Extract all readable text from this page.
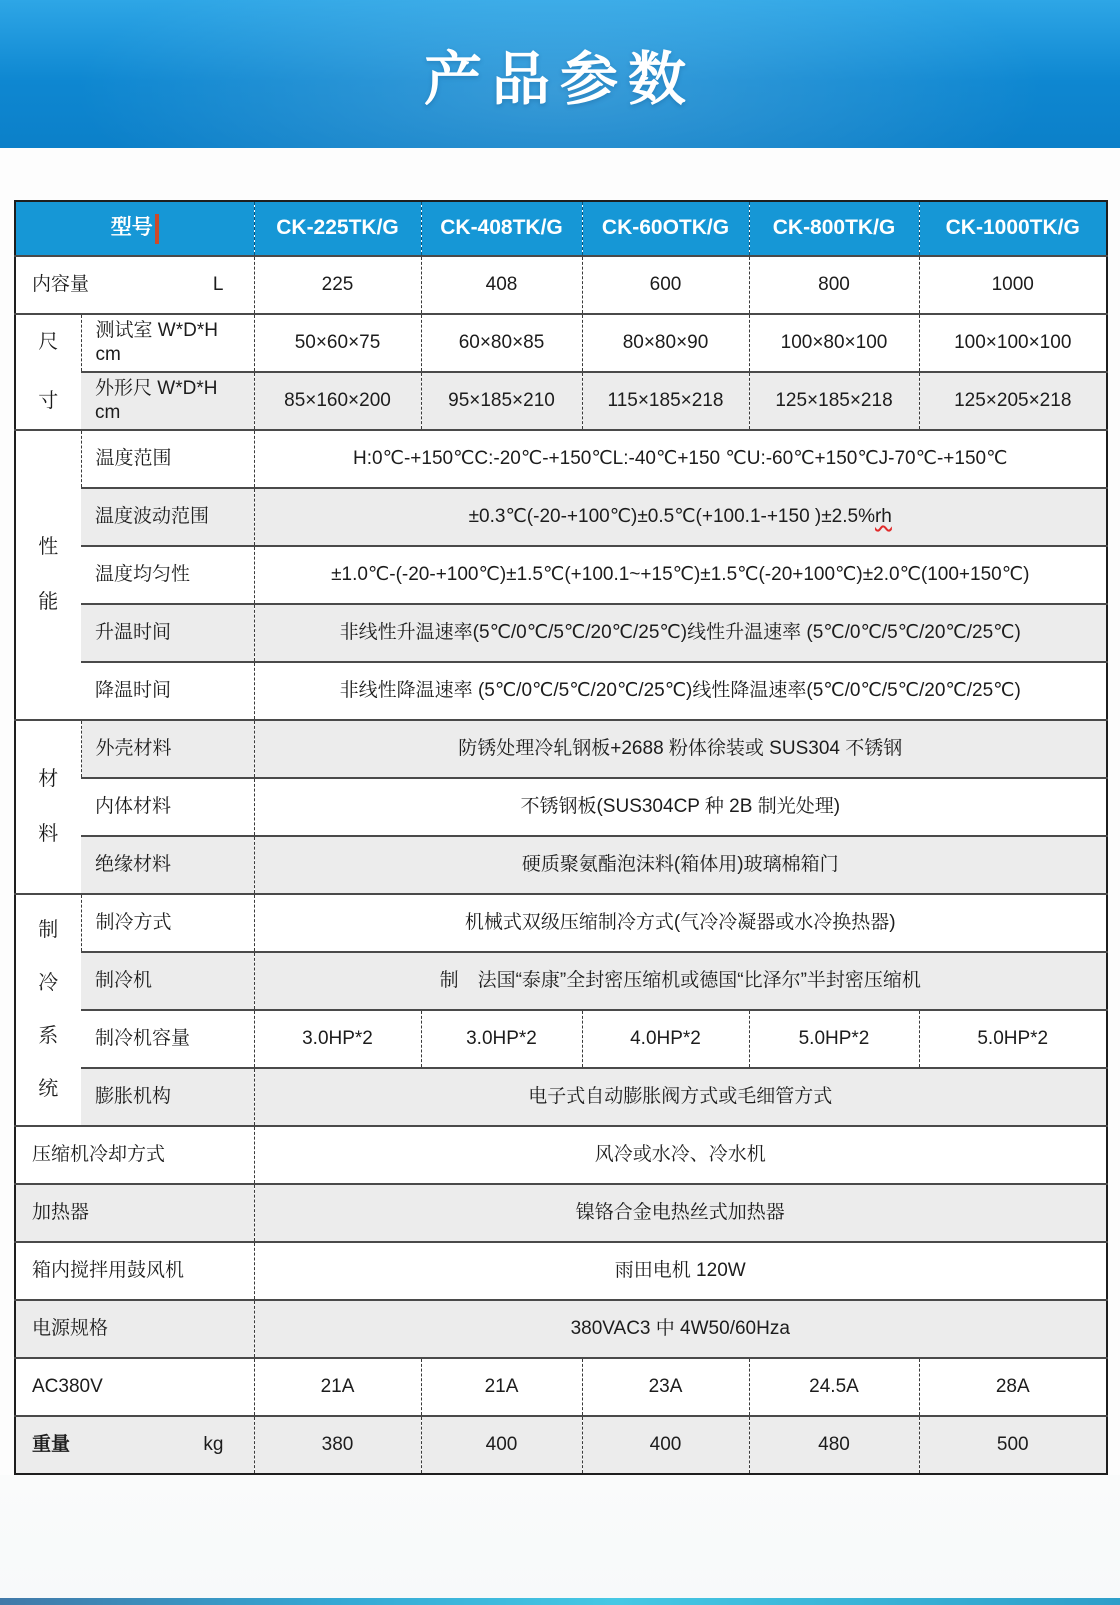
产品参数
型号		CK-225TK/G	CK-408TK/G	CK-60OTK/G	CK-800TK/G	CK-1000TK/G

内容量 L		225	408	600	800	1000

尺
寸	测试室 W*D*H cm	50×60×75	60×80×85	80×80×90	100×80×100	100×100×100
	外形尺 W*D*H cm	85×160×200	95×185×210	115×185×218	125×185×218	125×205×218

性
能	温度范围	H:0℃-+150℃C:-20℃-+150℃L:-40℃+150 ℃U:-60℃+150℃J-70℃-+150℃				
	温度波动范围	±0.3℃(-20-+100℃)±0.5℃(+100.1-+150 )±2.5%rh				
	温度均匀性	±1.0℃-(-20-+100℃)±1.5℃(+100.1~+15℃)±1.5℃(-20+100℃)±2.0℃(100+150℃)				
	升温时间	非线性升温速率(5℃/0℃/5℃/20℃/25℃)线性升温速率 (5℃/0℃/5℃/20℃/25℃)				
	降温时间	非线性降温速率 (5℃/0℃/5℃/20℃/25℃)线性降温速率(5℃/0℃/5℃/20℃/25℃)				

材
料	外壳材料	防锈处理冷轧钢板+2688 粉体徐装或 SUS304 不锈钢				
	内体材料	不锈钢板(SUS304CP 种 2B 制光处理)				
	绝缘材料	硬质聚氨酯泡沫料(箱体用)玻璃棉箱门				

制
冷
系
统	制冷方式	机械式双级压缩制冷方式(气冷冷凝器或水冷换热器)				
	制冷机	制　法国“泰康”全封密压缩机或德国“比泽尔”半封密压缩机				
	制冷机容量	3.0HP*2	3.0HP*2	4.0HP*2	5.0HP*2	5.0HP*2
	膨胀机构	电子式自动膨胀阀方式或毛细管方式				
压缩机冷却方式		风冷或水冷、冷水机				
加热器		镍铬合金电热丝式加热器				
箱内搅拌用鼓风机		雨田电机 120W				
电源规格		380VAC3 中 4W50/60Hza				
AC380V		21A	21A	23A	24.5A	28A

重量 kg		380	400	400	480	500
